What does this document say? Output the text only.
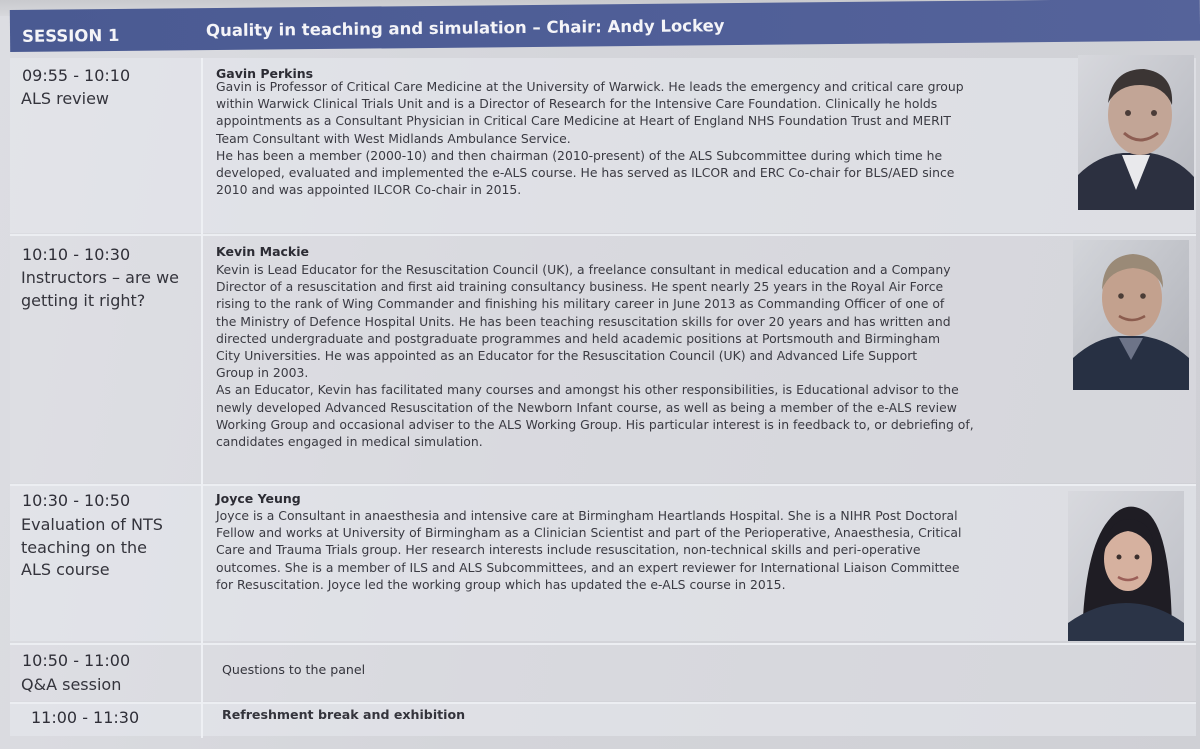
SESSION 1	Quality in teaching and simulation – Chair: Andy Lockey
09:55 - 10:10
ALS review
Gavin Perkins

Gavin is Professor of Critical Care Medicine at the University of Warwick. He leads the emergency and critical care group

within Warwick Clinical Trials Unit and is a Director of Research for the Intensive Care Foundation. Clinically he holds

appointments as a Consultant Physician in Critical Care Medicine at Heart of England NHS Foundation Trust and MERIT

Team Consultant with West Midlands Ambulance Service.

He has been a member (2000-10) and then chairman (2010-present) of the ALS Subcommittee during which time he

developed, evaluated and implemented the e-ALS course. He has served as ILCOR and ERC Co-chair for BLS/AED since

2010 and was appointed ILCOR Co-chair in 2015.

10:10 - 10:30
Instructors – are we
getting it right?
Kevin Mackie

Kevin is Lead Educator for the Resuscitation Council (UK), a freelance consultant in medical education and a Company

Director of a resuscitation and first aid training consultancy business. He spent nearly 25 years in the Royal Air Force

rising to the rank of Wing Commander and finishing his military career in June 2013 as Commanding Officer of one of

the Ministry of Defence Hospital Units. He has been teaching resuscitation skills for over 20 years and has written and

directed undergraduate and postgraduate programmes and held academic positions at Portsmouth and Birmingham

City Universities. He was appointed as an Educator for the Resuscitation Council (UK) and Advanced Life Support

Group in 2003.

As an Educator, Kevin has facilitated many courses and amongst his other responsibilities, is Educational advisor to the

newly developed Advanced Resuscitation of the Newborn Infant course, as well as being a member of the e-ALS review

Working Group and occasional adviser to the ALS Working Group. His particular interest is in feedback to, or debriefing of,

candidates engaged in medical simulation.

10:30 - 10:50
Evaluation of NTS
teaching on the
ALS course
Joyce Yeung

Joyce is a Consultant in anaesthesia and intensive care at Birmingham Heartlands Hospital. She is a NIHR Post Doctoral

Fellow and works at University of Birmingham as a Clinician Scientist and part of the Perioperative, Anaesthesia, Critical

Care and Trauma Trials group. Her research interests include resuscitation, non-technical skills and peri-operative

outcomes. She is a member of ILS and ALS Subcommittees, and an expert reviewer for International Liaison Committee

for Resuscitation. Joyce led the working group which has updated the e-ALS course in 2015.

10:50 - 11:00
Q&A session
Questions to the panel
11:00 - 11:30	Refreshment break and exhibition
